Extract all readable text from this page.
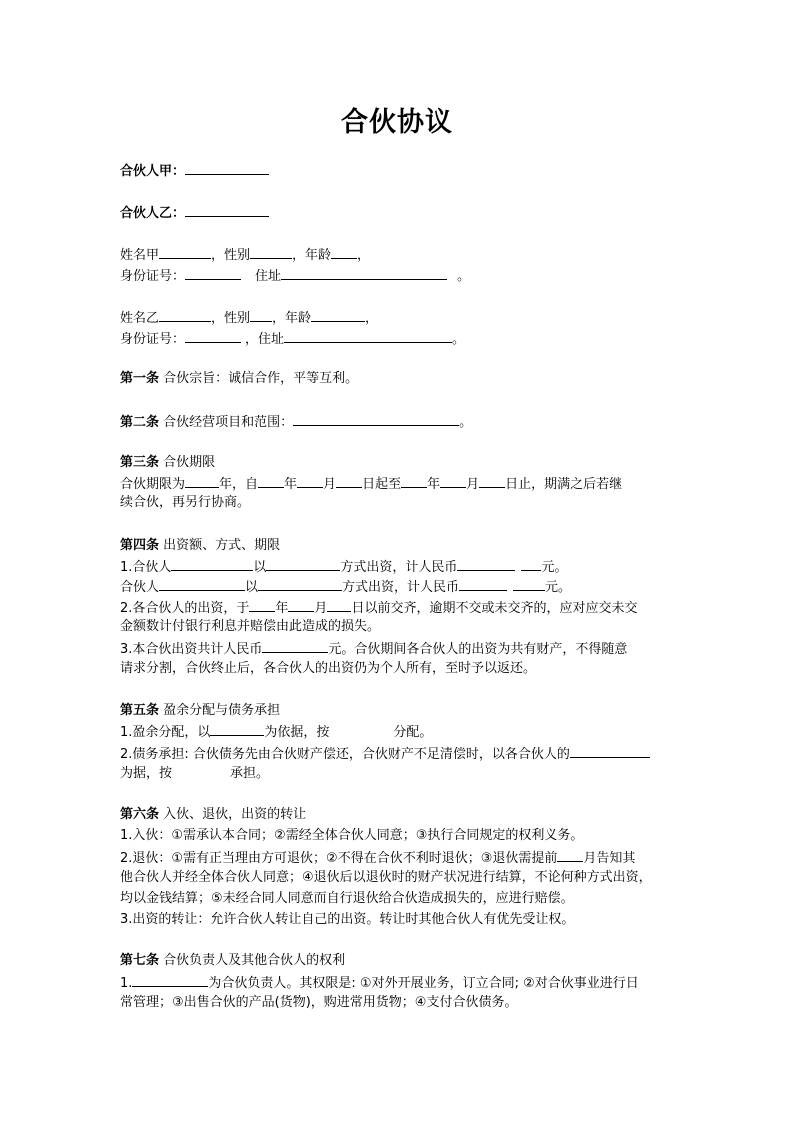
合伙协议
合伙人甲：
合伙人乙：
姓名甲	，性别	，年龄 ，
身份证号：	住址	。
姓名乙	，性别 ，年龄	，
身份证号：	，住址	。
第一条 合伙宗旨：诚信合作，平等互利。
第二条 合伙经营项目和范围：	。
第三条 合伙期限
合伙期限为	年，自 年 月 日起至 年 月 日止，期满之后若继
续合伙，再另行协商。
第四条 出资额、方式、期限
1.合伙人	以	方式出资，计人民币	元。
合伙人	以	方式出资，计人民币	元。
2.各合伙人的出资，于 年 月 日以前交齐，逾期不交或未交齐的，应对应交未交
金额数计付银行利息并赔偿由此造成的损失。
3.本合伙出资共计人民币	元。合伙期间各合伙人的出资为共有财产，不得随意
请求分割，合伙终止后，各合伙人的出资仍为个人所有，至时予以返还。
第五条 盈余分配与债务承担
1.盈余分配，以	为依据，按	分配。
2.债务承担: 合伙债务先由合伙财产偿还，合伙财产不足清偿时，以各合伙人的
为据，按	承担。
第六条 入伙、退伙，出资的转让
1.入伙：①需承认本合同；②需经全体合伙人同意；③执行合同规定的权利义务。
2.退伙：①需有正当理由方可退伙；②不得在合伙不利时退伙；③退伙需提前 月告知其
他合伙人并经全体合伙人同意；④退伙后以退伙时的财产状况进行结算，不论何种方式出资，
均以金钱结算；⑤未经合同人同意而自行退伙给合伙造成损失的，应进行赔偿。
3.出资的转让：允许合伙人转让自己的出资。转让时其他合伙人有优先受让权。
第七条 合伙负责人及其他合伙人的权利
1.	为合伙负责人。其权限是: ①对外开展业务，订立合同; ②对合伙事业进行日
常管理；③出售合伙的产品(货物)，购进常用货物；④支付合伙债务。
